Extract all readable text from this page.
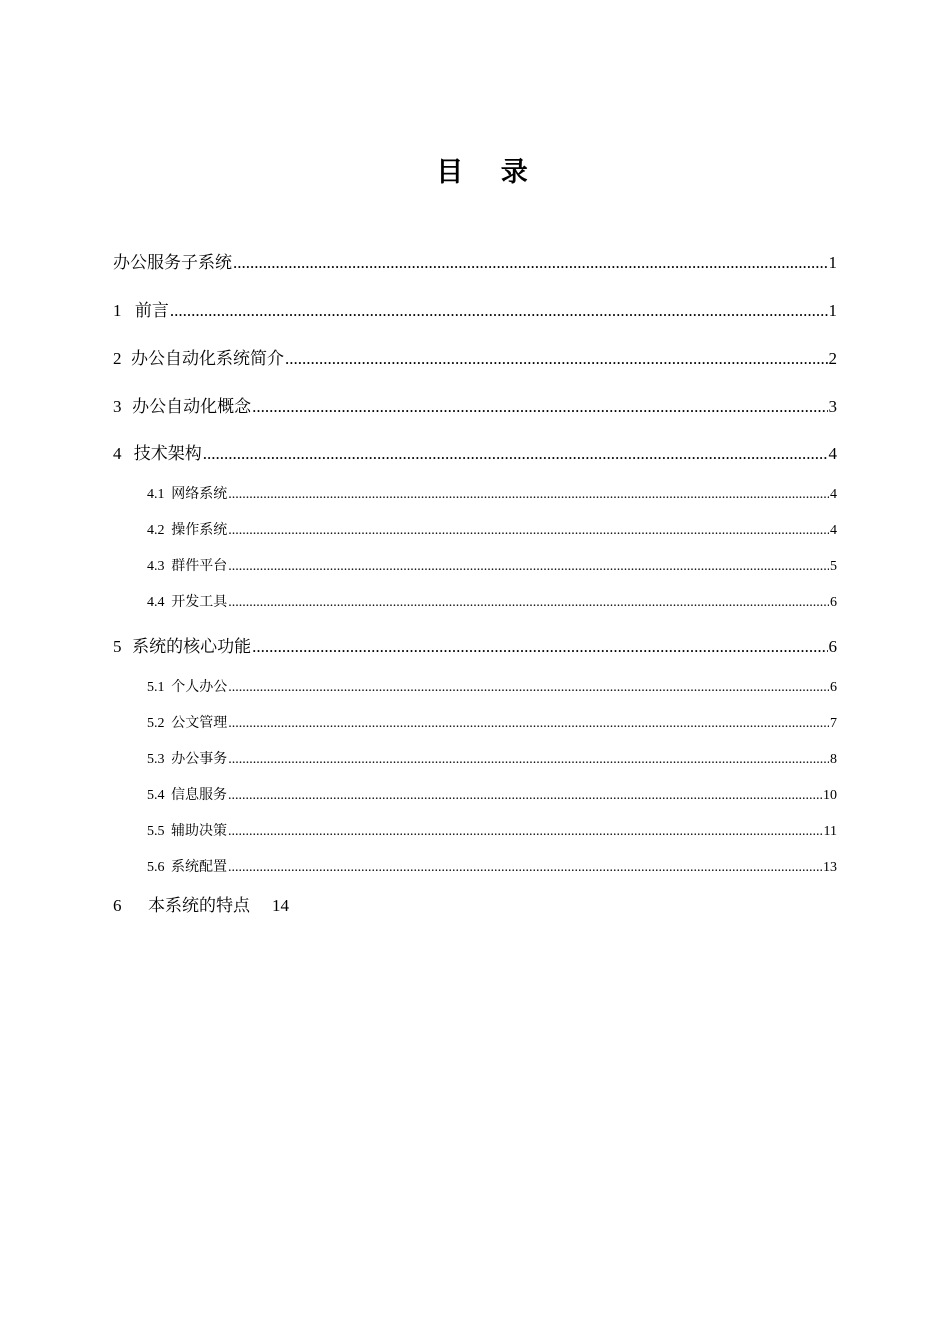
目 录
办公服务子系统 .....	1
1 前言 .....	1
2 办公自动化系统简介 .....	2
3 办公自动化概念 .....	3
4 技术架构 .....	4
4.1 网络系统 .....	4
4.2 操作系统 .....	4
4.3 群件平台 .....	5
4.4 开发工具 .....	6
5 系统的核心功能 .....	6
5.1 个人办公 .....	6
5.2 公文管理 .....	7
5.3 办公事务 .....	8
5.4 信息服务 .....	10
5.5 辅助决策 .....	11
5.6 系统配置 .....	13
6	本系统的特点 14
